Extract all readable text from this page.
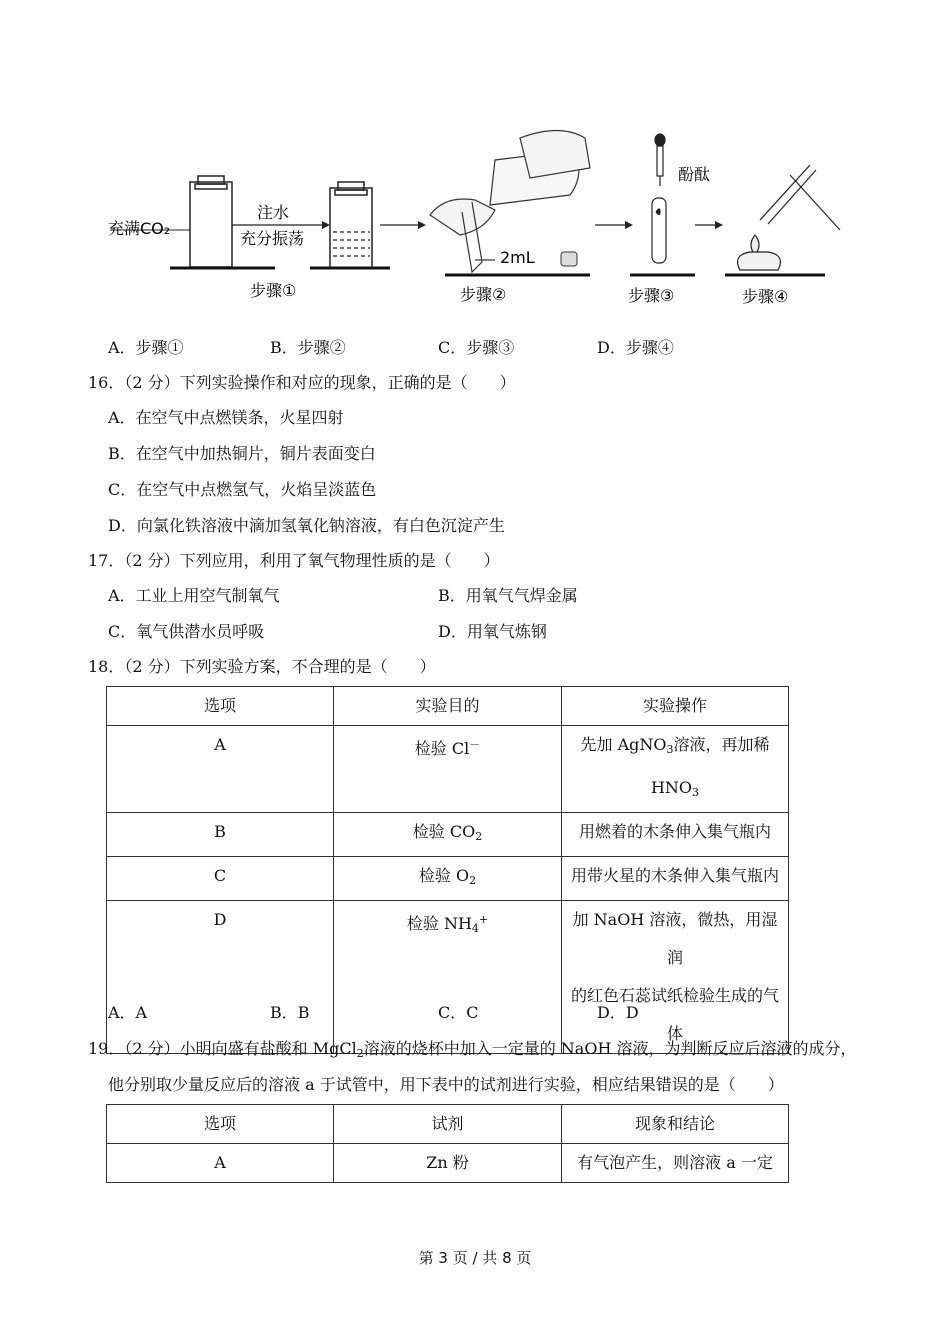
充满CO₂
注水
充分振荡
步骤①
2mL
步骤②
酚酞
步骤③	步骤④
A．步骤①	B．步骤②	C．步骤③	D．步骤④
16．（2 分）下列实验操作和对应的现象，正确的是（　　）
A．在空气中点燃镁条，火星四射
B．在空气中加热铜片，铜片表面变白
C．在空气中点燃氢气，火焰呈淡蓝色
D．向氯化铁溶液中滴加氢氧化钠溶液，有白色沉淀产生
17．（2 分）下列应用，利用了氧气物理性质的是（　　）
A．工业上用空气制氧气	B．用氧气气焊金属
C．氧气供潜水员呼吸	D．用氧气炼钢
18．（2 分）下列实验方案，不合理的是（　　）
选项	实验目的	实验操作
A	检验 Cl－	先加 AgNO$_3$溶液，再加稀
$HNO_3$

B	检验 $CO_2$	用燃着的木条伸入集气瓶内
C	检验 $O_2$	用带火星的木条伸入集气瓶内
D	检验 $NH_4^+$	加 NaOH 溶液，微热，用湿润
的红色石蕊试纸检验生成的气
体
A．A	B．B	C．C	D．D
19．（2 分）小明向盛有盐酸和 MgCl$_2$溶液的烧杯中加入一定量的 NaOH 溶液，为判断反应后溶液的成分，
他分别取少量反应后的溶液 a 于试管中，用下表中的试剂进行实验，相应结果错误的是（　　）
选项	试剂	现象和结论
A	Zn 粉	有气泡产生，则溶液 a 一定
第 3 页 / 共 8 页
